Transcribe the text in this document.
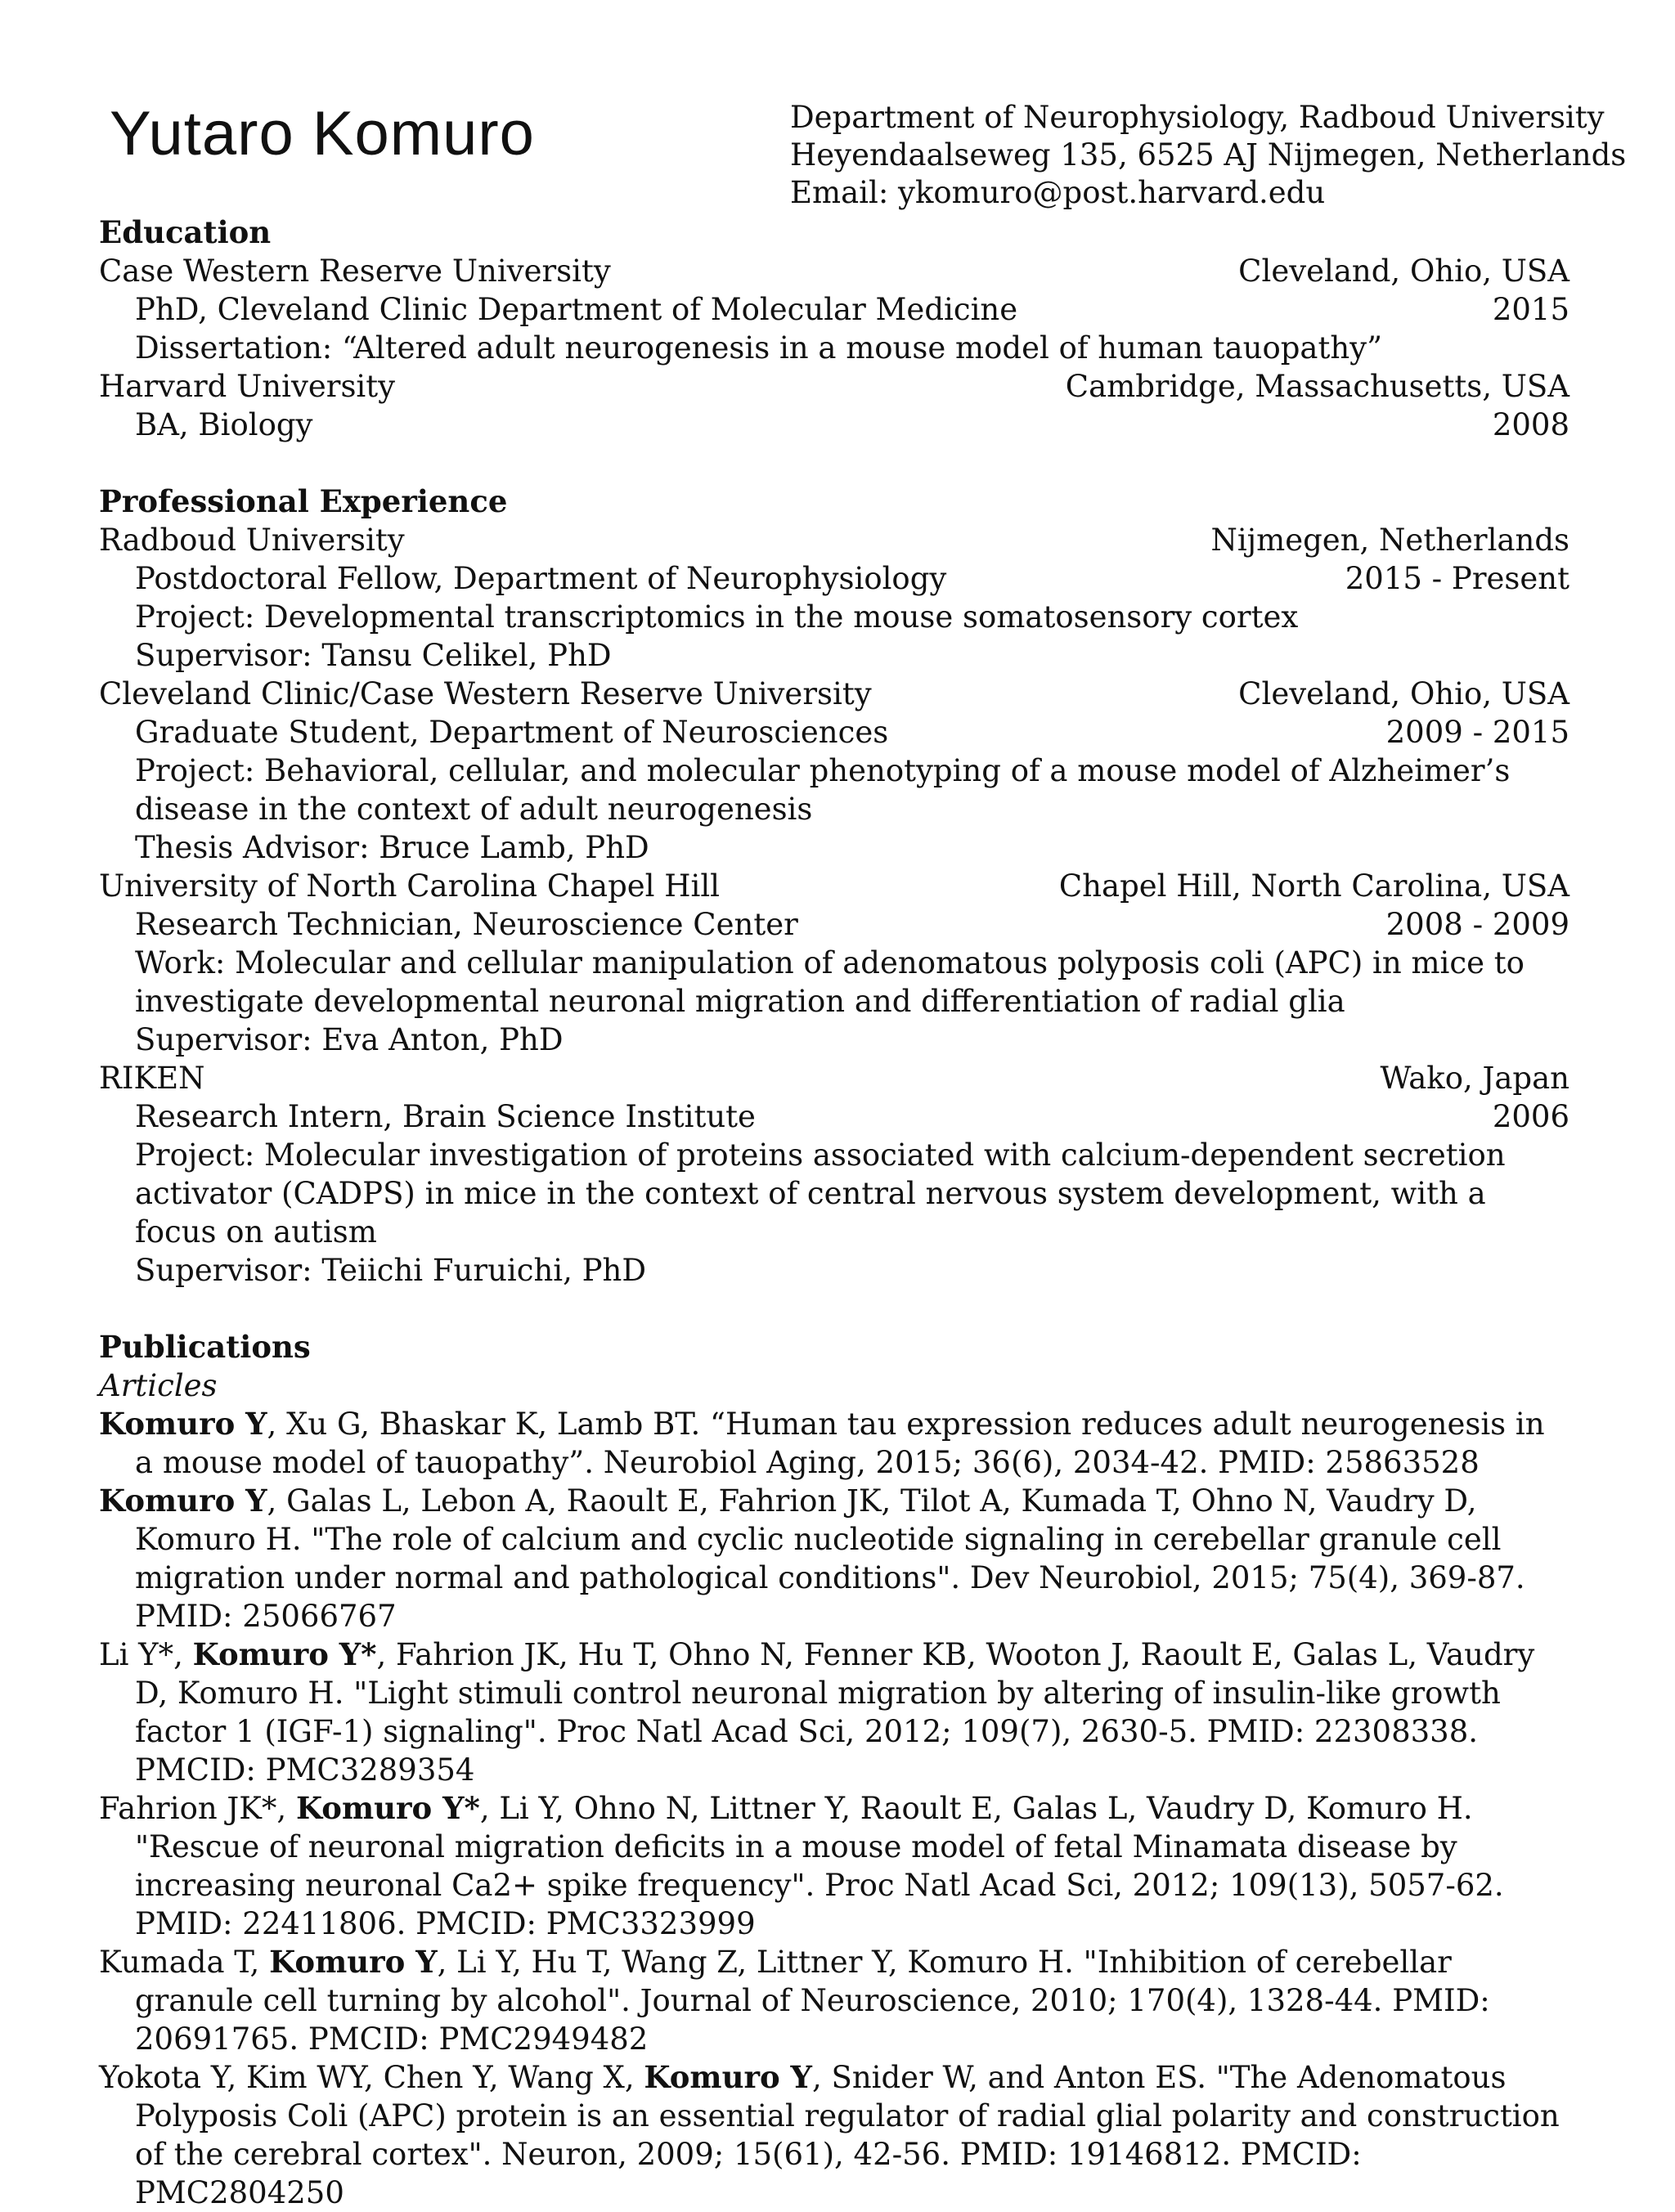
Yutaro Komuro	Department of Neurophysiology, Radboud University
Heyendaalseweg 135, 6525 AJ Nijmegen, Netherlands
Email: ykomuro@post.harvard.edu
Education
Case Western Reserve University	Cleveland, Ohio, USA
PhD, Cleveland Clinic Department of Molecular Medicine	2015
Dissertation: “Altered adult neurogenesis in a mouse model of human tauopathy”
Harvard University	Cambridge, Massachusetts, USA
BA, Biology	2008
Professional Experience
Radboud University	Nijmegen, Netherlands
Postdoctoral Fellow, Department of Neurophysiology	2015 - Present
Project: Developmental transcriptomics in the mouse somatosensory cortex
Supervisor: Tansu Celikel, PhD
Cleveland Clinic/Case Western Reserve University	Cleveland, Ohio, USA
Graduate Student, Department of Neurosciences	2009 - 2015
Project: Behavioral, cellular, and molecular phenotyping of a mouse model of Alzheimer’s disease in the context of adult neurogenesis
Thesis Advisor: Bruce Lamb, PhD
University of North Carolina Chapel Hill	Chapel Hill, North Carolina, USA
Research Technician, Neuroscience Center	2008 - 2009
Work: Molecular and cellular manipulation of adenomatous polyposis coli (APC) in mice to investigate developmental neuronal migration and differentiation of radial glia
Supervisor: Eva Anton, PhD
RIKEN	Wako, Japan
Research Intern, Brain Science Institute	2006
Project: Molecular investigation of proteins associated with calcium-dependent secretion activator (CADPS) in mice in the context of central nervous system development, with a focus on autism
Supervisor: Teiichi Furuichi, PhD
Publications
Articles
Komuro Y, Xu G, Bhaskar K, Lamb BT. “Human tau expression reduces adult neurogenesis in a mouse model of tauopathy”. Neurobiol Aging, 2015; 36(6), 2034-42. PMID: 25863528
Komuro Y, Galas L, Lebon A, Raoult E, Fahrion JK, Tilot A, Kumada T, Ohno N, Vaudry D, Komuro H. "The role of calcium and cyclic nucleotide signaling in cerebellar granule cell migration under normal and pathological conditions". Dev Neurobiol, 2015; 75(4), 369-87. PMID: 25066767
Li Y*, Komuro Y*, Fahrion JK, Hu T, Ohno N, Fenner KB, Wooton J, Raoult E, Galas L, Vaudry D, Komuro H. "Light stimuli control neuronal migration by altering of insulin-like growth factor 1 (IGF-1) signaling". Proc Natl Acad Sci, 2012; 109(7), 2630-5. PMID: 22308338. PMCID: PMC3289354
Fahrion JK*, Komuro Y*, Li Y, Ohno N, Littner Y, Raoult E, Galas L, Vaudry D, Komuro H. "Rescue of neuronal migration deficits in a mouse model of fetal Minamata disease by increasing neuronal Ca2+ spike frequency". Proc Natl Acad Sci, 2012; 109(13), 5057-62. PMID: 22411806. PMCID: PMC3323999
Kumada T, Komuro Y, Li Y, Hu T, Wang Z, Littner Y, Komuro H. "Inhibition of cerebellar granule cell turning by alcohol". Journal of Neuroscience, 2010; 170(4), 1328-44. PMID: 20691765. PMCID: PMC2949482
Yokota Y, Kim WY, Chen Y, Wang X, Komuro Y, Snider W, and Anton ES. "The Adenomatous Polyposis Coli (APC) protein is an essential regulator of radial glial polarity and construction of the cerebral cortex". Neuron, 2009; 15(61), 42-56. PMID: 19146812. PMCID: PMC2804250
